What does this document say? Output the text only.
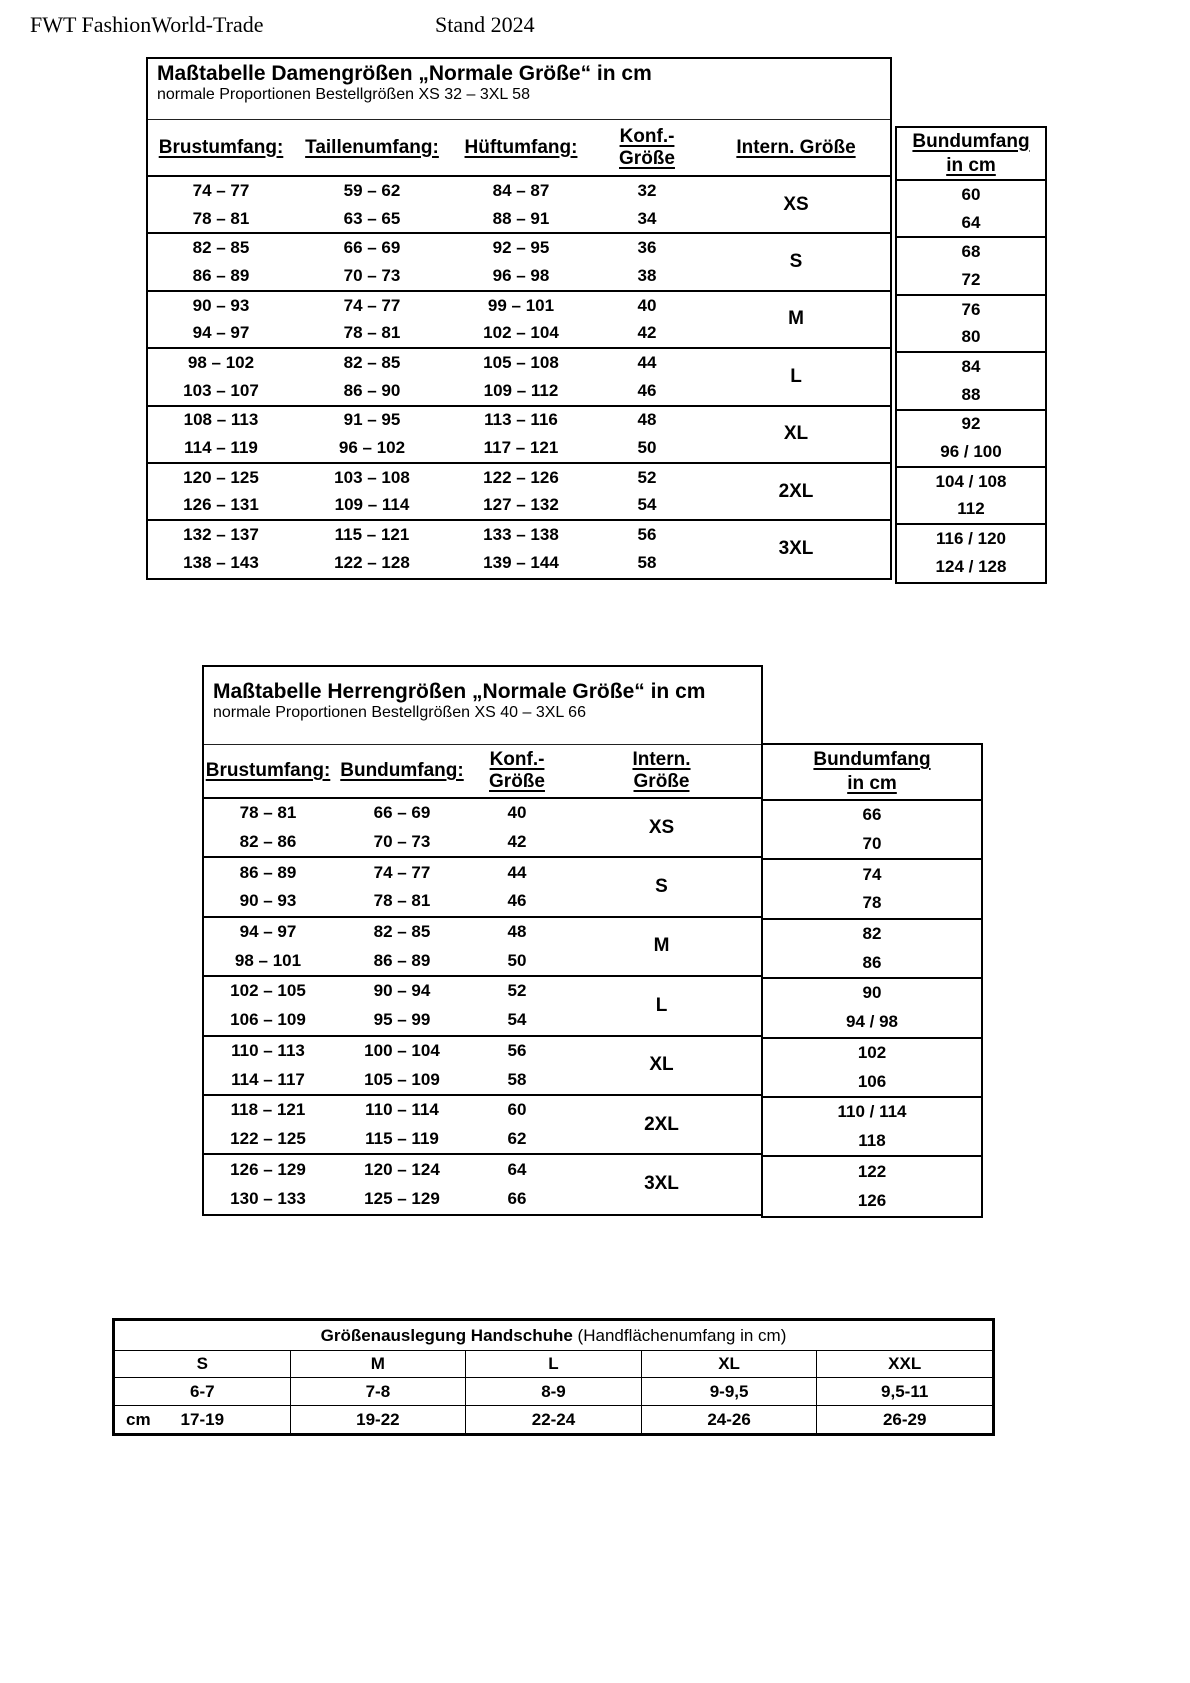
FWT FashionWorld-Trade	Stand 2024
Maßtabelle Damengrößen „Normale Größe“ in cm
normale Proportionen Bestellgrößen XS 32 – 3XL 58
Brustumfang:	Taillenumfang:	Hüftumfang:	Konf.-
Größe	Intern. Größe
74 – 77	59 – 62	84 – 87	32	XS
78 – 81	63 – 65	88 – 91	34	
82 – 85	66 – 69	92 – 95	36	S
86 – 89	70 – 73	96 – 98	38	
90 – 93	74 – 77	99 – 101	40	M
94 – 97	78 – 81	102 – 104	42	
98 – 102	82 – 85	105 – 108	44	L
103 – 107	86 – 90	109 – 112	46	
108 – 113	91 – 95	113 – 116	48	XL
114 – 119	96 – 102	117 – 121	50	
120 – 125	103 – 108	122 – 126	52	2XL
126 – 131	109 – 114	127 – 132	54	
132 – 137	115 – 121	133 – 138	56	3XL
138 – 143	122 – 128	139 – 144	58	
Bundumfang
in cm
60
64
68
72
76
80
84
88
92
96 / 100
104 / 108
112
116 / 120
124 / 128
Maßtabelle Herrengrößen „Normale Größe“ in cm
normale Proportionen Bestellgrößen XS 40 – 3XL 66
Brustumfang:	Bundumfang:	Konf.-
Größe	Intern.
Größe
78 – 81	66 – 69	40	XS
82 – 86	70 – 73	42	
86 – 89	74 – 77	44	S
90 – 93	78 – 81	46	
94 – 97	82 – 85	48	M
98 – 101	86 – 89	50	
102 – 105	90 – 94	52	L
106 – 109	95 – 99	54	
110 – 113	100 – 104	56	XL
114 – 117	105 – 109	58	
118 – 121	110 – 114	60	2XL
122 – 125	115 – 119	62	
126 – 129	120 – 124	64	3XL
130 – 133	125 – 129	66	
Bundumfang
in cm
66
70
74
78
82
86
90
94 / 98
102
106
110 / 114
118
122
126
Größenauslegung Handschuhe (Handflächenumfang in cm)				
S	M	L	XL	XXL
6-7	7-8	8-9	9-9,5	9,5-11

cm 17-19	19-22	22-24	24-26	26-29
